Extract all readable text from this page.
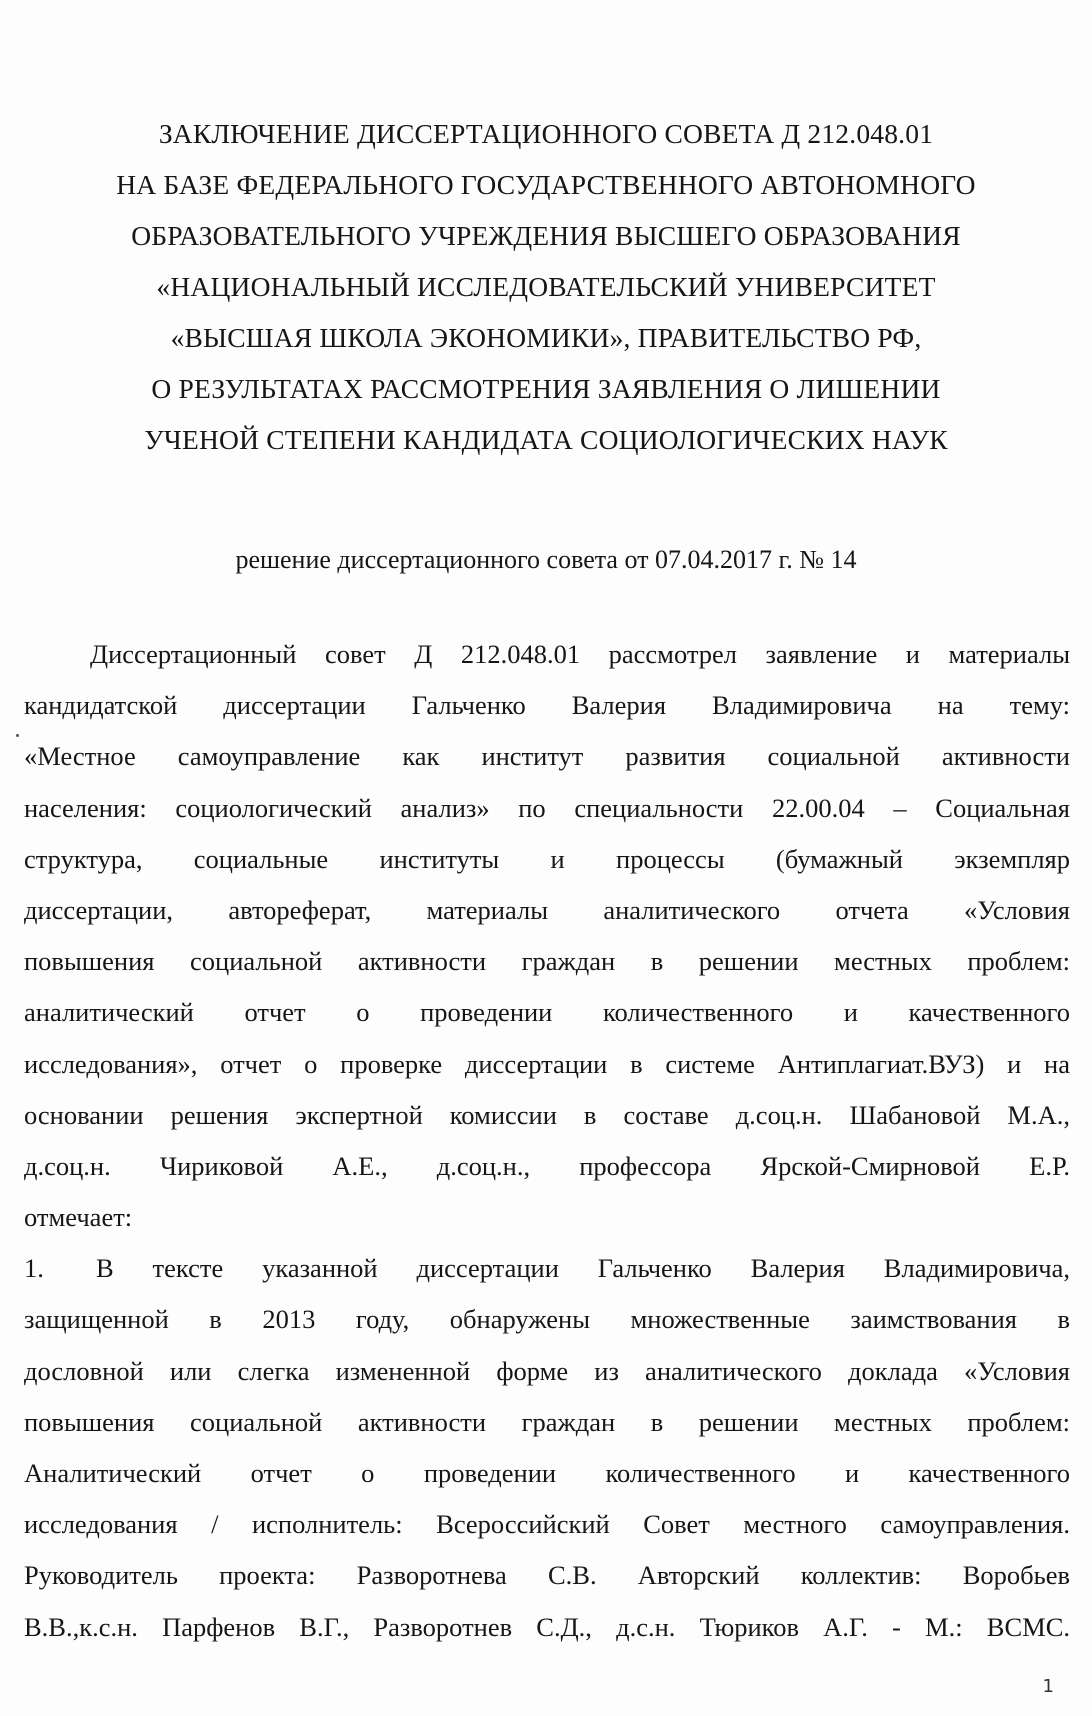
ЗАКЛЮЧЕНИЕ ДИССЕРТАЦИОННОГО СОВЕТА Д 212.048.01
НА БАЗЕ ФЕДЕРАЛЬНОГО ГОСУДАРСТВЕННОГО АВТОНОМНОГО
ОБРАЗОВАТЕЛЬНОГО УЧРЕЖДЕНИЯ ВЫСШЕГО ОБРАЗОВАНИЯ
«НАЦИОНАЛЬНЫЙ ИССЛЕДОВАТЕЛЬСКИЙ УНИВЕРСИТЕТ
«ВЫСШАЯ ШКОЛА ЭКОНОМИКИ», ПРАВИТЕЛЬСТВО РФ,
О РЕЗУЛЬТАТАХ РАССМОТРЕНИЯ ЗАЯВЛЕНИЯ О ЛИШЕНИИ
УЧЕНОЙ СТЕПЕНИ КАНДИДАТА СОЦИОЛОГИЧЕСКИХ НАУК
решение диссертационного совета от 07.04.2017 г. № 14
Диссертационный совет Д 212.048.01 рассмотрел заявление и материалы
кандидатской диссертации Гальченко Валерия Владимировича на тему:
«Местное самоуправление как институт развития социальной активности
населения: социологический анализ» по специальности 22.00.04 – Социальная
структура, социальные институты и процессы (бумажный экземпляр
диссертации, автореферат, материалы аналитического отчета «Условия
повышения социальной активности граждан в решении местных проблем:
аналитический отчет о проведении количественного и качественного
исследования», отчет о проверке диссертации в системе Антиплагиат.ВУЗ) и на
основании решения экспертной комиссии в составе д.соц.н. Шабановой М.А.,
д.соц.н. Чириковой А.Е., д.соц.н., профессора Ярской-Смирновой Е.Р.
отмечает:
1. В тексте указанной диссертации Гальченко Валерия Владимировича,
защищенной в 2013 году, обнаружены множественные заимствования в
дословной или слегка измененной форме из аналитического доклада «Условия
повышения социальной активности граждан в решении местных проблем:
Аналитический отчет о проведении количественного и качественного
исследования / исполнитель: Всероссийский Совет местного самоуправления.
Руководитель проекта: Разворотнева С.В. Авторский коллектив: Воробьев
В.В.,к.с.н. Парфенов В.Г., Разворотнев С.Д., д.с.н. Тюриков А.Г. - М.: ВСМС.
1
